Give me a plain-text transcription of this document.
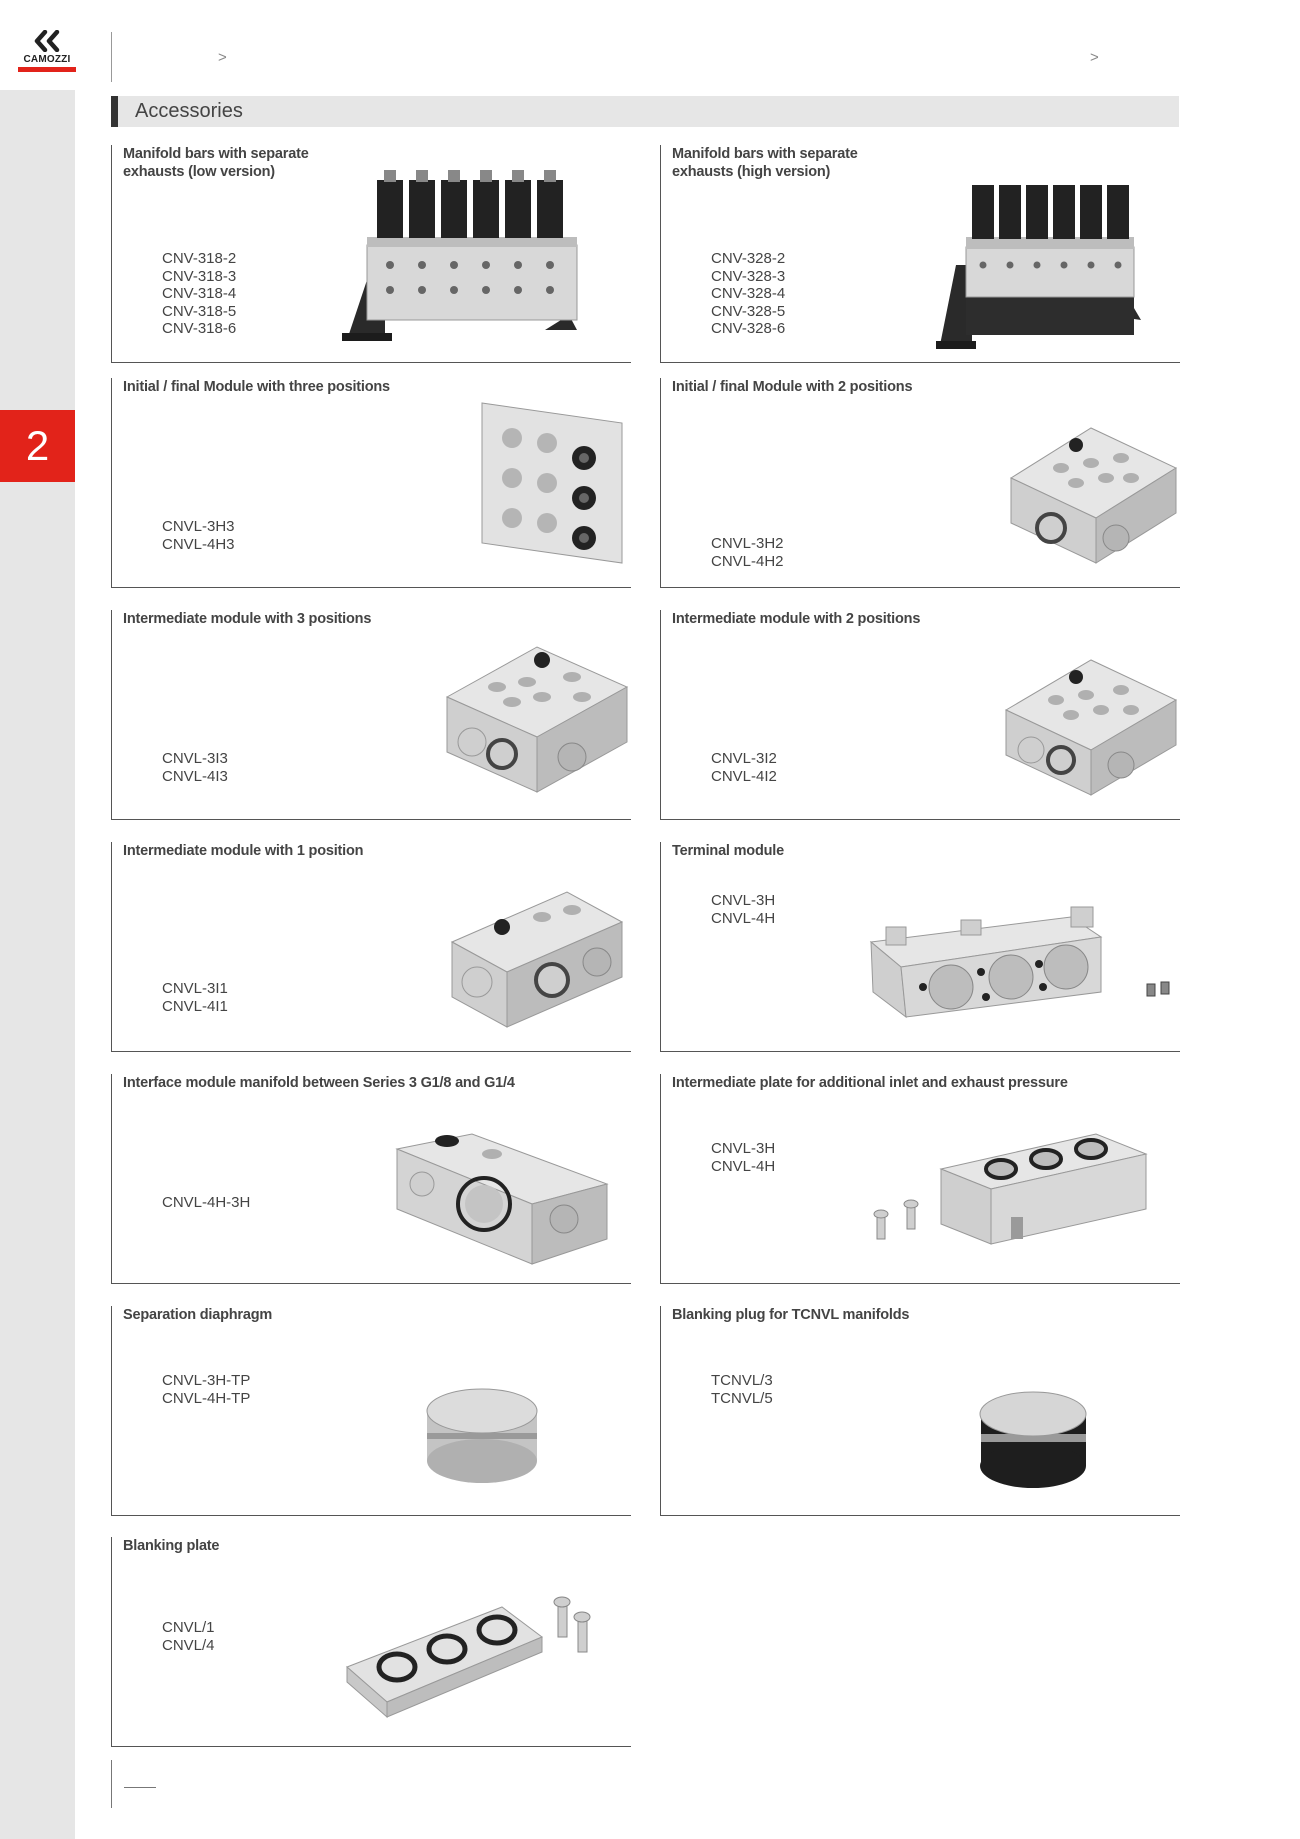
2
CAMOZZI	>	>
Accessories
Manifold bars with separate
exhausts (low version)
CNV-318-2
CNV-318-3
CNV-318-4
CNV-318-5
CNV-318-6
Manifold bars with separate
exhausts (high version)
CNV-328-2
CNV-328-3
CNV-328-4
CNV-328-5
CNV-328-6
Initial / final Module with three positions
CNVL-3H3
CNVL-4H3
Initial / final Module with 2 positions
CNVL-3H2
CNVL-4H2
Intermediate module with 3 positions
CNVL-3I3
CNVL-4I3
Intermediate module with 2 positions
CNVL-3I2
CNVL-4I2
Intermediate module with 1 position
CNVL-3I1
CNVL-4I1
Terminal module
CNVL-3H
CNVL-4H
Interface module manifold between Series 3 G1/8 and G1/4
CNVL-4H-3H
Intermediate plate for additional inlet and exhaust pressure
CNVL-3H
CNVL-4H
Separation diaphragm
CNVL-3H-TP
CNVL-4H-TP
Blanking plug for TCNVL manifolds
TCNVL/3
TCNVL/5
Blanking plate
CNVL/1
CNVL/4
